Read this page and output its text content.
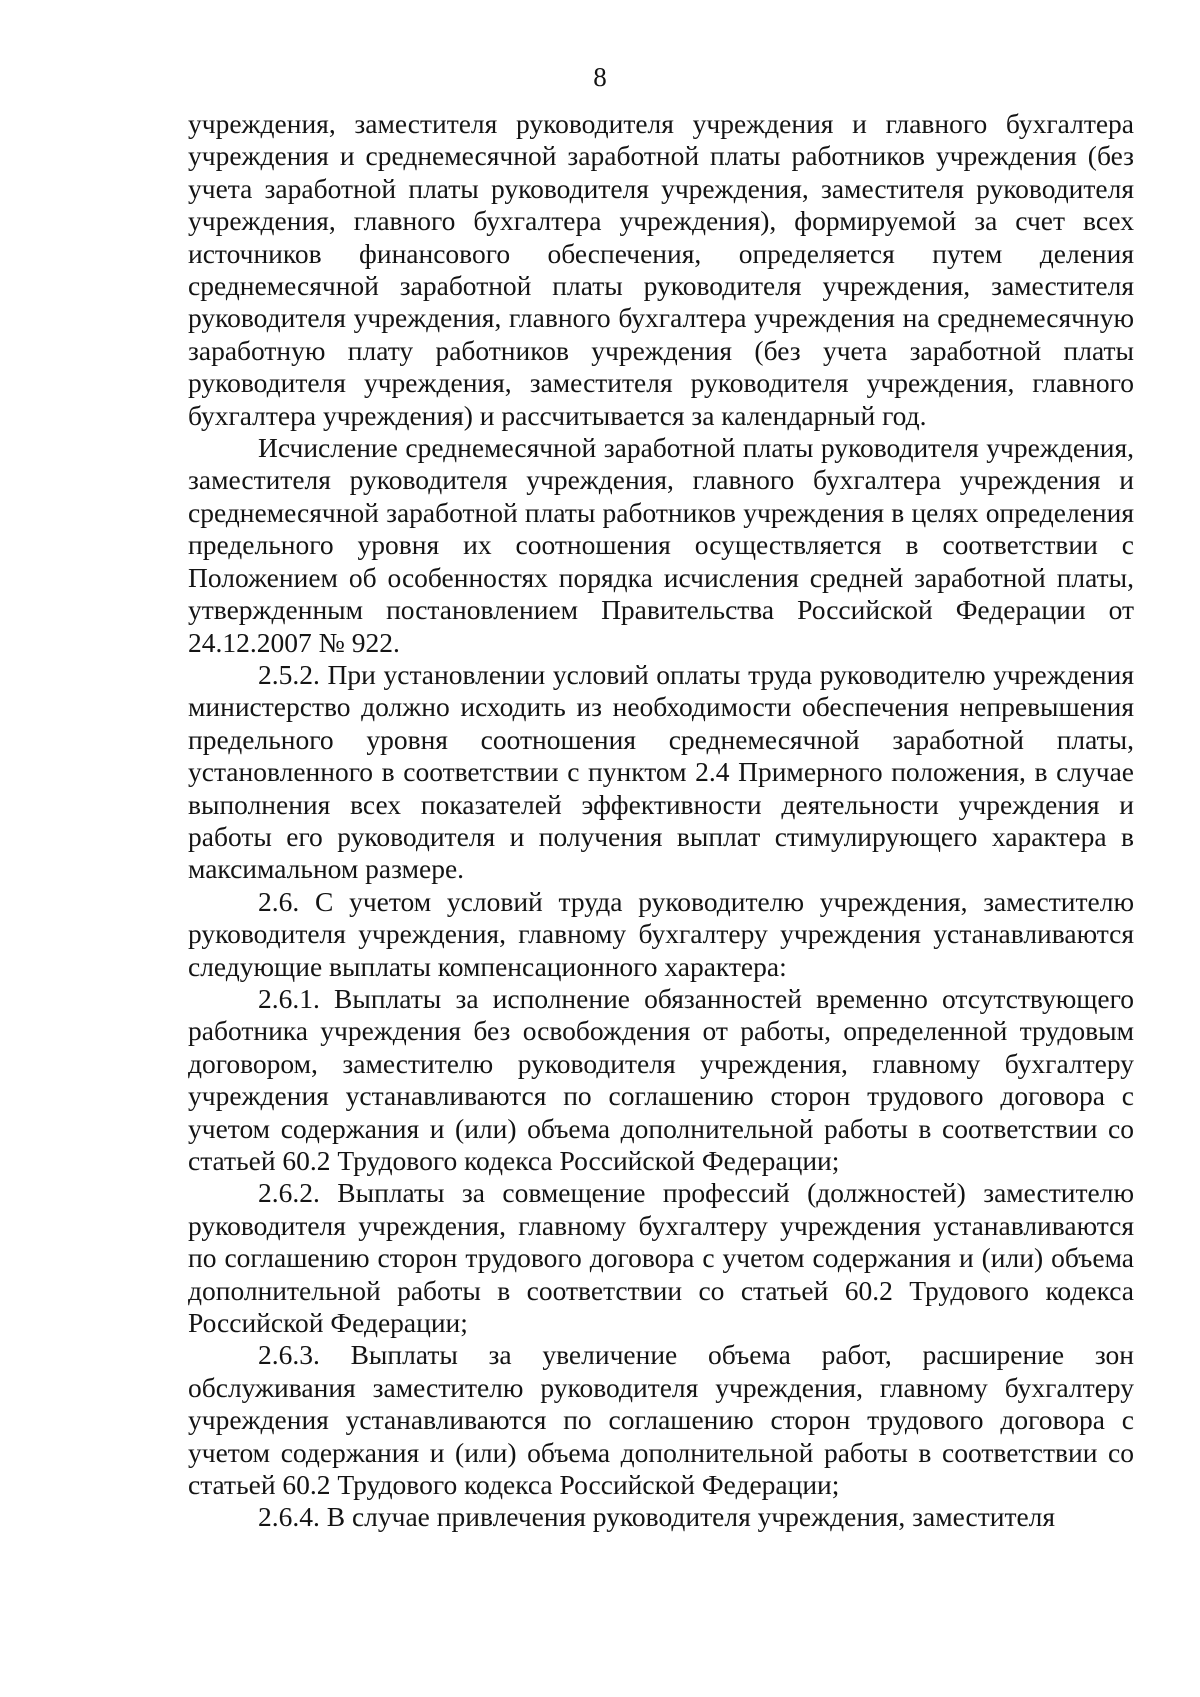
8

учреждения, заместителя руководителя учреждения и главного бухгалтера учреждения и среднемесячной заработной платы работников учреждения (без учета заработной платы руководителя учреждения, заместителя руководителя учреждения, главного бухгалтера учреждения), формируемой за счет всех источников финансового обеспечения, определяется путем деления среднемесячной заработной платы руководителя учреждения, заместителя руководителя учреждения, главного бухгалтера учреждения на среднемесячную заработную плату работников учреждения (без учета заработной платы руководителя учреждения, заместителя руководителя учреждения, главного бухгалтера учреждения) и рассчитывается за календарный год.

Исчисление среднемесячной заработной платы руководителя учреждения, заместителя руководителя учреждения, главного бухгалтера учреждения и среднемесячной заработной платы работников учреждения в целях определения предельного уровня их соотношения осуществляется в соответствии с Положением об особенностях порядка исчисления средней заработной платы, утвержденным постановлением Правительства Российской Федерации от 24.12.2007 № 922.

2.5.2. При установлении условий оплаты труда руководителю учреждения министерство должно исходить из необходимости обеспечения непревышения предельного уровня соотношения среднемесячной заработной платы, установленного в соответствии с пунктом 2.4 Примерного положения, в случае выполнения всех показателей эффективности деятельности учреждения и работы его руководителя и получения выплат стимулирующего характера в максимальном размере.

2.6. С учетом условий труда руководителю учреждения, заместителю руководителя учреждения, главному бухгалтеру учреждения устанавливаются следующие выплаты компенсационного характера:

2.6.1. Выплаты за исполнение обязанностей временно отсутствующего работника учреждения без освобождения от работы, определенной трудовым договором, заместителю руководителя учреждения, главному бухгалтеру учреждения устанавливаются по соглашению сторон трудового договора с учетом содержания и (или) объема дополнительной работы в соответствии со статьей 60.2 Трудового кодекса Российской Федерации;

2.6.2. Выплаты за совмещение профессий (должностей) заместителю руководителя учреждения, главному бухгалтеру учреждения устанавливаются по соглашению сторон трудового договора с учетом содержания и (или) объема дополнительной работы в соответствии со статьей 60.2 Трудового кодекса Российской Федерации;

2.6.3. Выплаты за увеличение объема работ, расширение зон обслуживания заместителю руководителя учреждения, главному бухгалтеру учреждения устанавливаются по соглашению сторон трудового договора с учетом содержания и (или) объема дополнительной работы в соответствии со статьей 60.2 Трудового кодекса Российской Федерации;

2.6.4. В случае привлечения руководителя учреждения, заместителя
